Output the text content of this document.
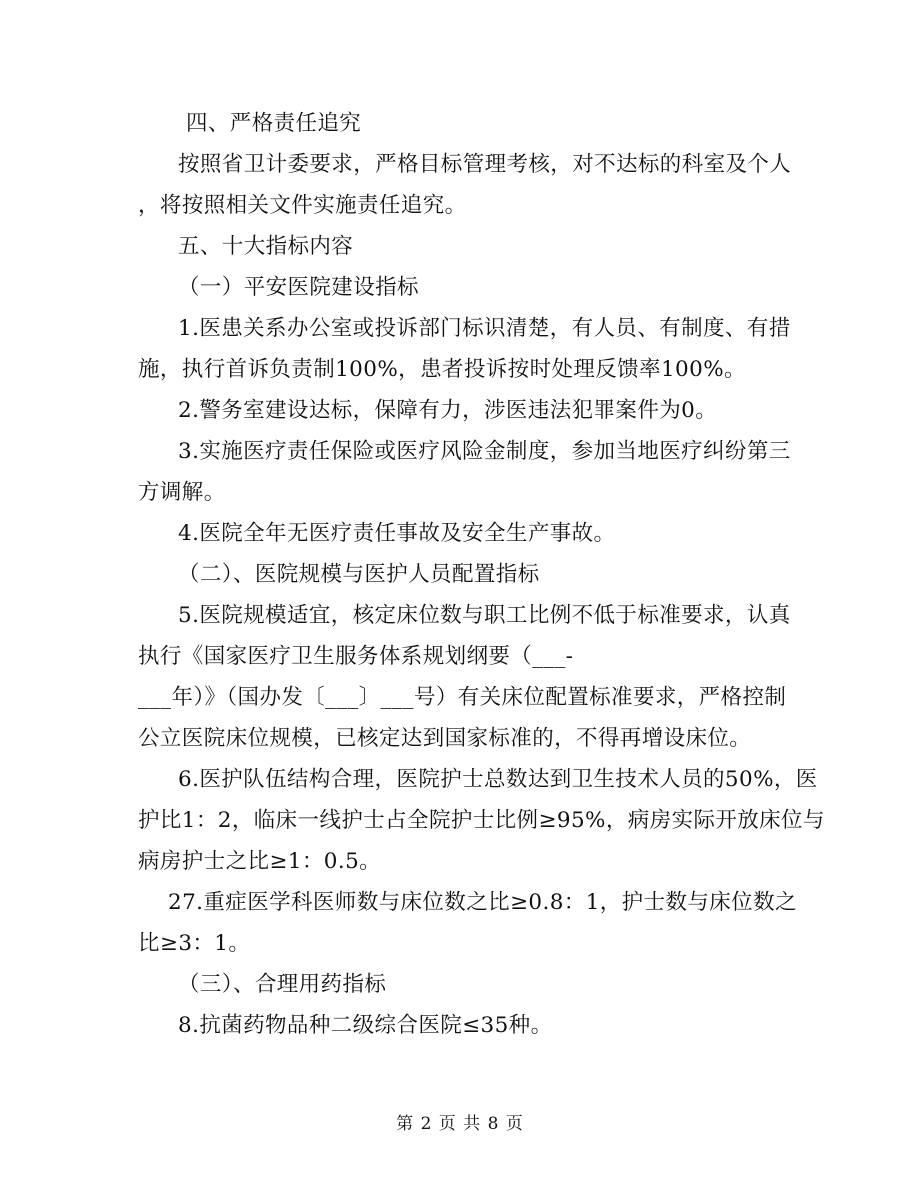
四、严格责任追究
按照省卫计委要求，严格目标管理考核，对不达标的科室及个人
，将按照相关文件实施责任追究。
五、十大指标内容
（一）平安医院建设指标
1.医患关系办公室或投诉部门标识清楚，有人员、有制度、有措
施，执行首诉负责制100%，患者投诉按时处理反馈率100%。
2.警务室建设达标，保障有力，涉医违法犯罪案件为0。
3.实施医疗责任保险或医疗风险金制度，参加当地医疗纠纷第三
方调解。
4.医院全年无医疗责任事故及安全生产事故。
（二）、医院规模与医护人员配置指标
5.医院规模适宜，核定床位数与职工比例不低于标准要求，认真
执行《国家医疗卫生服务体系规划纲要（___-
___年）》（国办发〔___〕___号）有关床位配置标准要求，严格控制
公立医院床位规模，已核定达到国家标准的，不得再增设床位。
6.医护队伍结构合理，医院护士总数达到卫生技术人员的50%，医
护比1：2，临床一线护士占全院护士比例≥95%，病房实际开放床位与
病房护士之比≥1：0.5。
27.重症医学科医师数与床位数之比≥0.8：1，护士数与床位数之
比≥3：1。
（三）、合理用药指标
8.抗菌药物品种二级综合医院≤35种。
第 2 页 共 8 页
